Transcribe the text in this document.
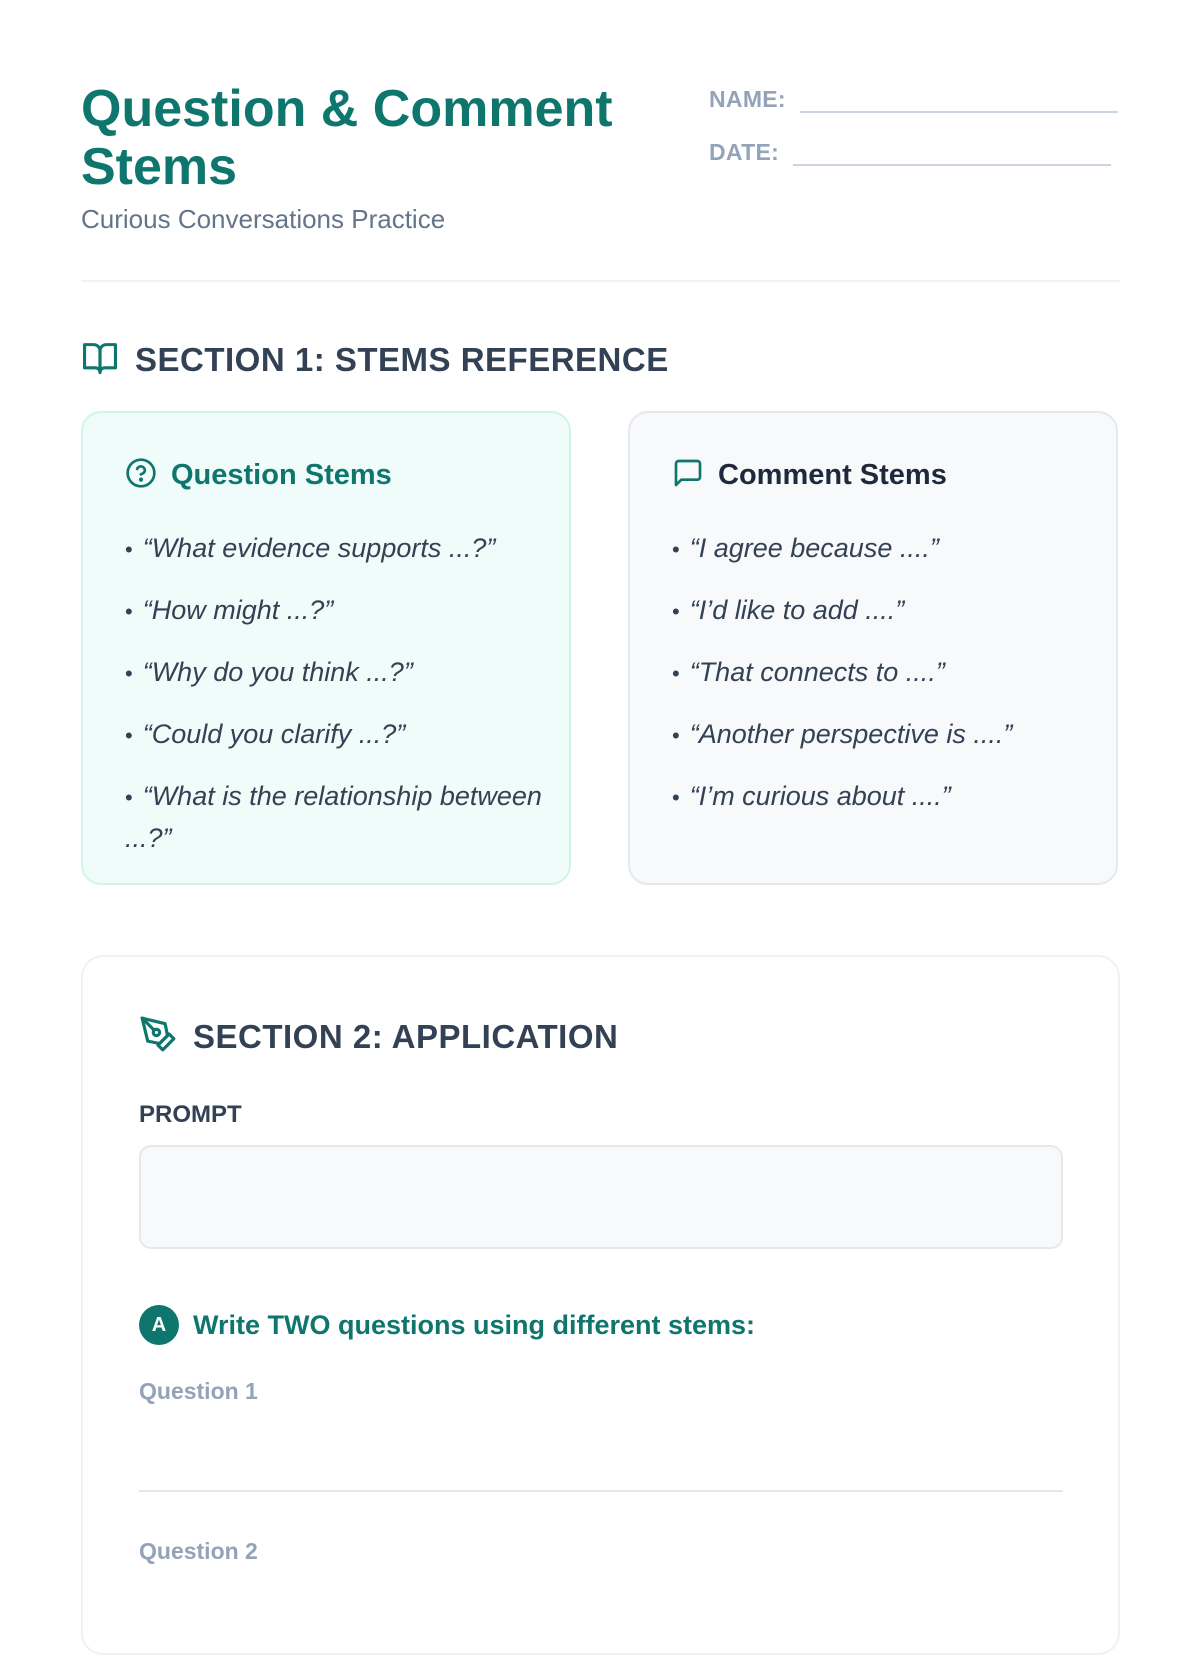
Question & Comment Stems
Curious Conversations Practice
NAME:
DATE:
SECTION 1: STEMS REFERENCE
Question Stems
• “What evidence supports ...?”
• “How might ...?”
• “Why do you think ...?”
• “Could you clarify ...?”
• “What is the relationship between ...?”
Comment Stems
• “I agree because ....”
• “I’d like to add ....”
• “That connects to ....”
• “Another perspective is ....”
• “I’m curious about ....”
SECTION 2: APPLICATION
PROMPT
A Write TWO questions using different stems:
Question 1
Question 2
